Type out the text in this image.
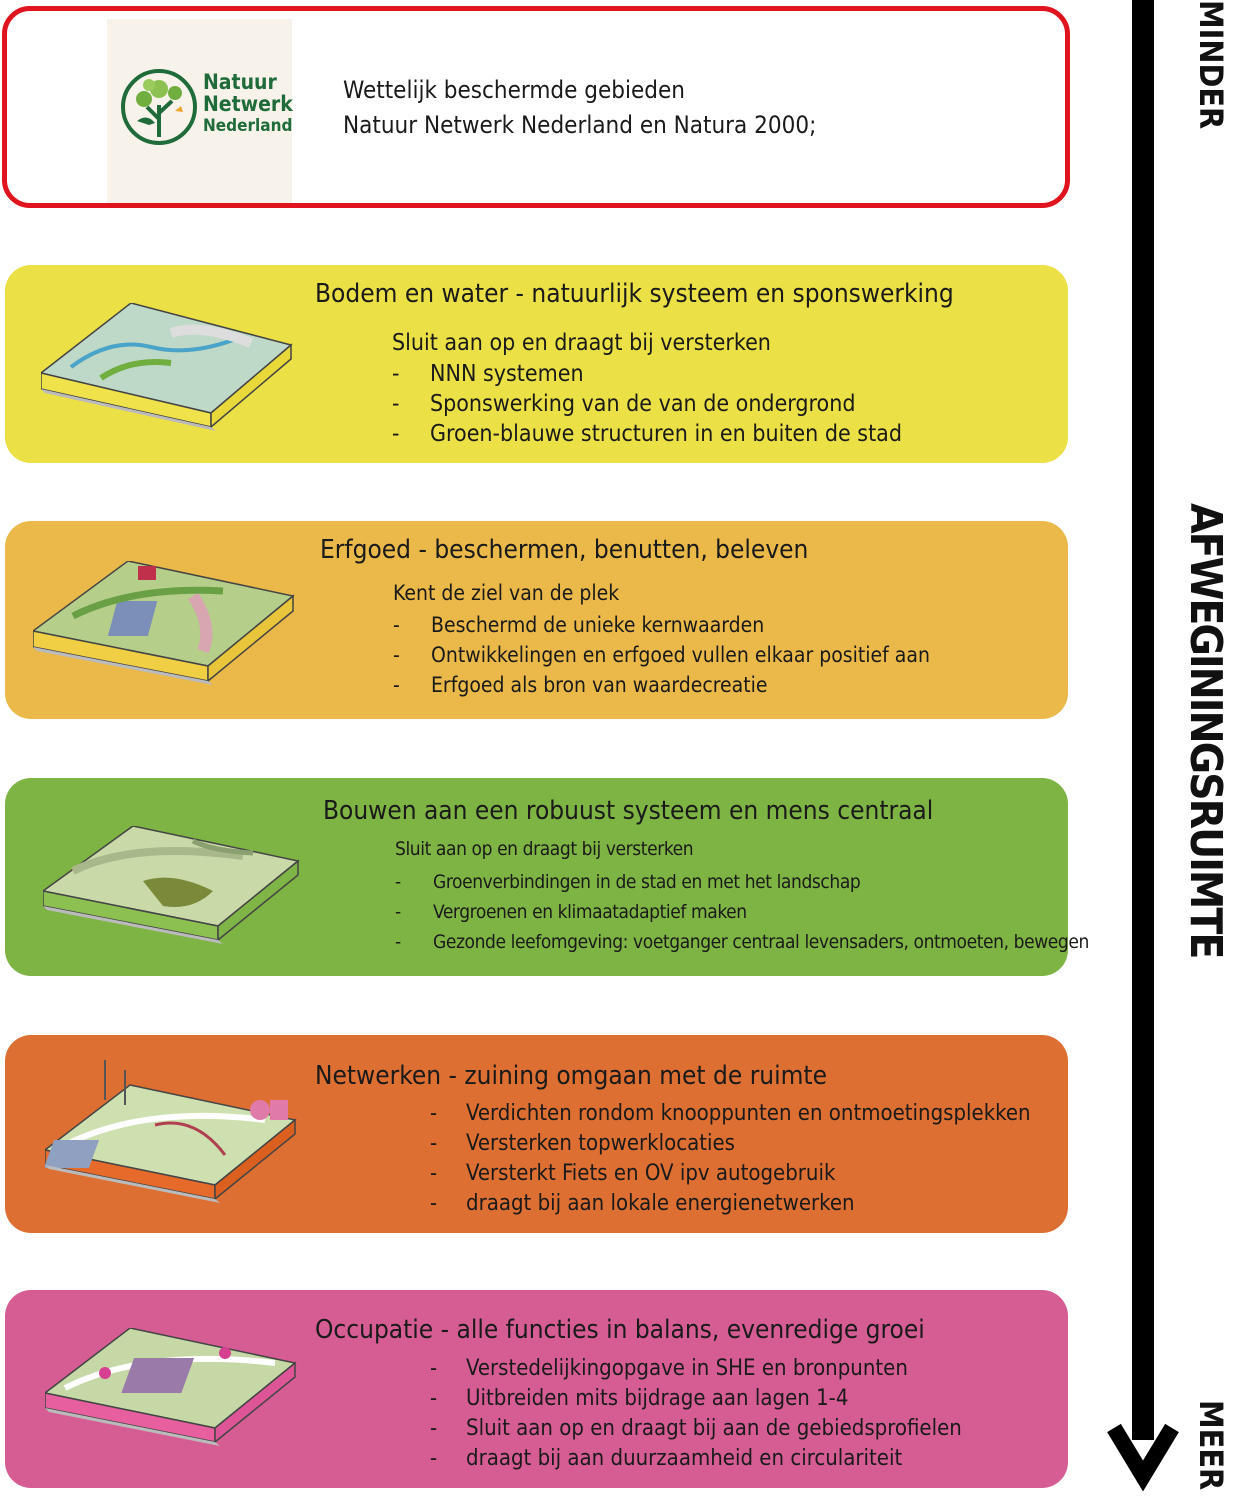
Natuur
Netwerk
Nederland
Wettelijk beschermde gebieden
Natuur Netwerk Nederland en Natura 2000;
Bodem en water - natuurlijk systeem en sponswerking
Sluit aan op en draagt bij versterken
- NNN systemen
- Sponswerking van de van de ondergrond
- Groen-blauwe structuren in en buiten de stad
Erfgoed - beschermen, benutten, beleven
Kent de ziel van de plek
- Beschermd de unieke kernwaarden
- Ontwikkelingen en erfgoed vullen elkaar positief aan
- Erfgoed als bron van waardecreatie
Bouwen aan een robuust systeem en mens centraal
Sluit aan op en draagt bij versterken
- Groenverbindingen in de stad en met het landschap
- Vergroenen en klimaatadaptief maken
- Gezonde leefomgeving: voetganger centraal levensaders, ontmoeten, bewegen
Netwerken - zuining omgaan met de ruimte
- Verdichten rondom knooppunten en ontmoetingsplekken
- Versterken topwerklocaties
- Versterkt Fiets en OV ipv autogebruik
- draagt bij aan lokale energienetwerken
Occupatie - alle functies in balans, evenredige groei
- Verstedelijkingopgave in SHE en bronpunten
- Uitbreiden mits bijdrage aan lagen 1-4
- Sluit aan op en draagt bij aan de gebiedsprofielen
- draagt bij aan duurzaamheid en circulariteit
MINDER
AFWEGININGSRUIMTE
MEER
